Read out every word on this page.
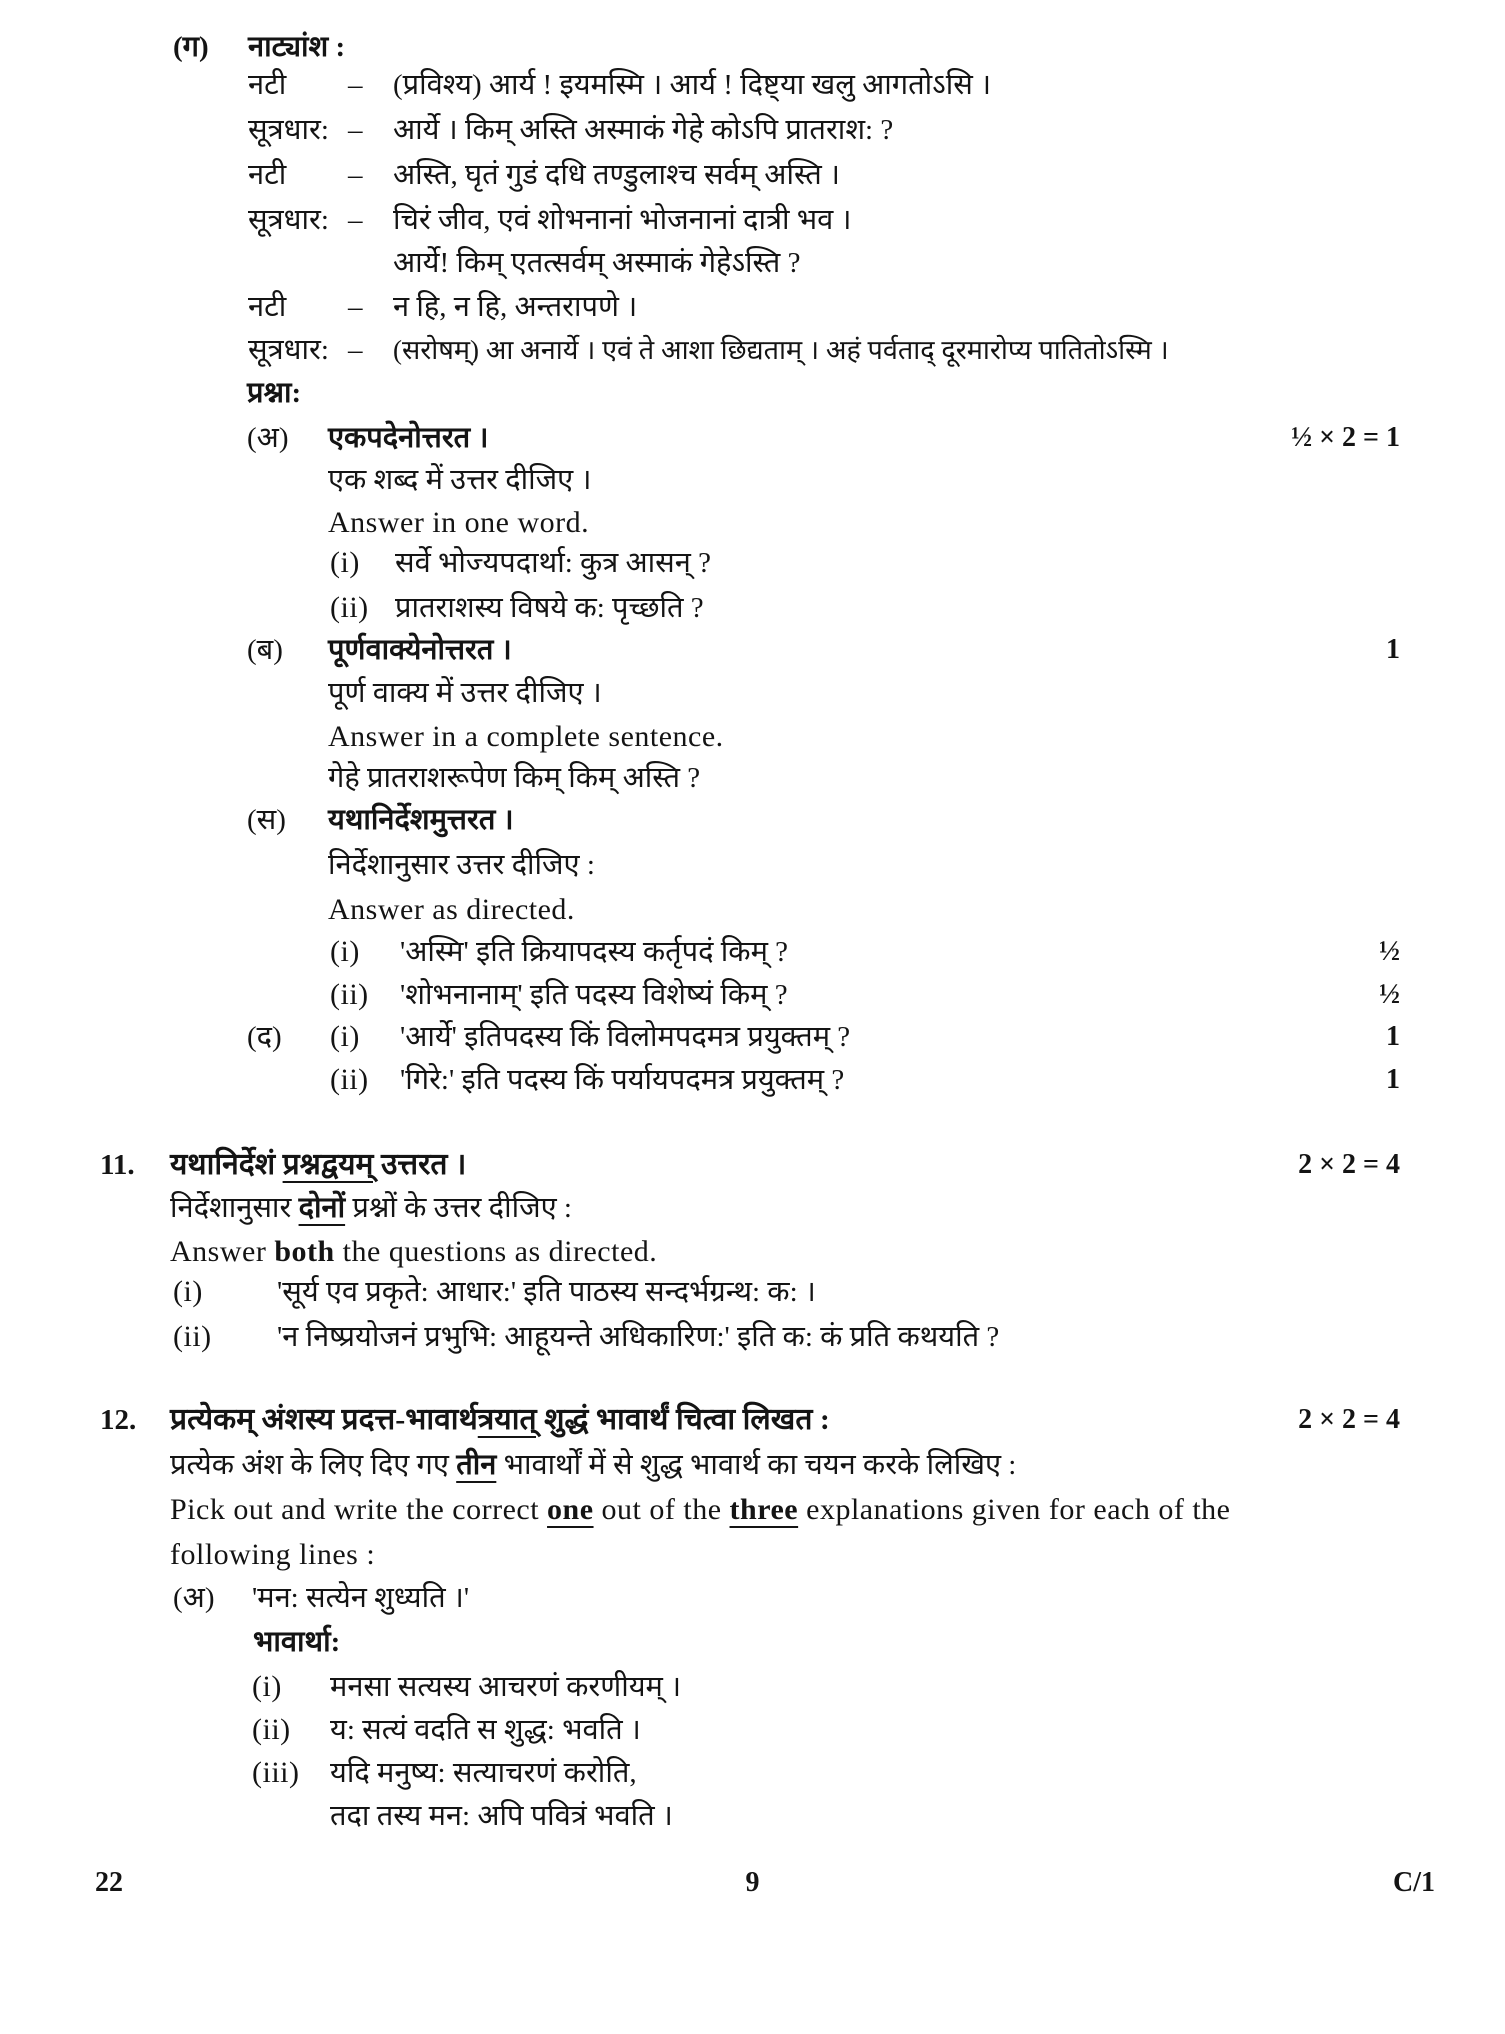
(ग) नाट्यांश :
नटी – (प्रविश्य) आर्य ! इयमस्मि । आर्य ! दिष्ट्या खलु आगतोऽसि ।
सूत्रधार: – आर्ये । किम् अस्ति अस्माकं गेहे कोऽपि प्रातराश: ?
नटी – अस्ति, घृतं गुडं दधि तण्डुलाश्च सर्वम् अस्ति ।
सूत्रधार: – चिरं जीव, एवं शोभनानां भोजनानां दात्री भव ।
आर्ये! किम् एतत्सर्वम् अस्माकं गेहेऽस्ति ?
नटी – न हि, न हि, अन्तरापणे ।
सूत्रधार: – (सरोषम्) आ अनार्ये । एवं ते आशा छिद्यताम् । अहं पर्वताद् दूरमारोप्य पातितोऽस्मि ।
प्रश्ना:
(अ) एकपदेनोत्तरत ।	½ × 2 = 1
एक शब्द में उत्तर दीजिए ।
Answer in one word.
(i) सर्वे भोज्यपदार्था: कुत्र आसन् ?
(ii) प्रातराशस्य विषये क: पृच्छति ?
(ब) पूर्णवाक्येनोत्तरत ।	1
पूर्ण वाक्य में उत्तर दीजिए ।
Answer in a complete sentence.
गेहे प्रातराशरूपेण किम् किम् अस्ति ?
(स) यथानिर्देशमुत्तरत ।
निर्देशानुसार उत्तर दीजिए :
Answer as directed.
(i) 'अस्मि' इति क्रियापदस्य कर्तृपदं किम् ?	½
(ii) 'शोभनानाम्' इति पदस्य विशेष्यं किम् ?	½
(द) (i) 'आर्ये' इतिपदस्य किं विलोमपदमत्र प्रयुक्तम् ?	1
(ii) 'गिरे:' इति पदस्य किं पर्यायपदमत्र प्रयुक्तम् ?	1
11. यथानिर्देशं प्रश्नद्वयम् उत्तरत ।	2 × 2 = 4
निर्देशानुसार दोनों प्रश्नों के उत्तर दीजिए :
Answer both the questions as directed.
(i)	'सूर्य एव प्रकृते: आधार:' इति पाठस्य सन्दर्भग्रन्थ: क: ।
(ii) 'न निष्प्रयोजनं प्रभुभि: आहूयन्ते अधिकारिण:' इति क: कं प्रति कथयति ?
12. प्रत्येकम् अंशस्य प्रदत्त-भावार्थत्रयात् शुद्धं भावार्थं चित्वा लिखत :	2 × 2 = 4
प्रत्येक अंश के लिए दिए गए तीन भावार्थों में से शुद्ध भावार्थ का चयन करके लिखिए :
Pick out and write the correct one out of the three explanations given for each of the
following lines :
(अ) 'मन: सत्येन शुध्यति ।'
भावार्था:
(i) मनसा सत्यस्य आचरणं करणीयम् ।
(ii) य: सत्यं वदति स शुद्ध: भवति ।
(iii) यदि मनुष्य: सत्याचरणं करोति,
तदा तस्य मन: अपि पवित्रं भवति ।
22	9	C/1
